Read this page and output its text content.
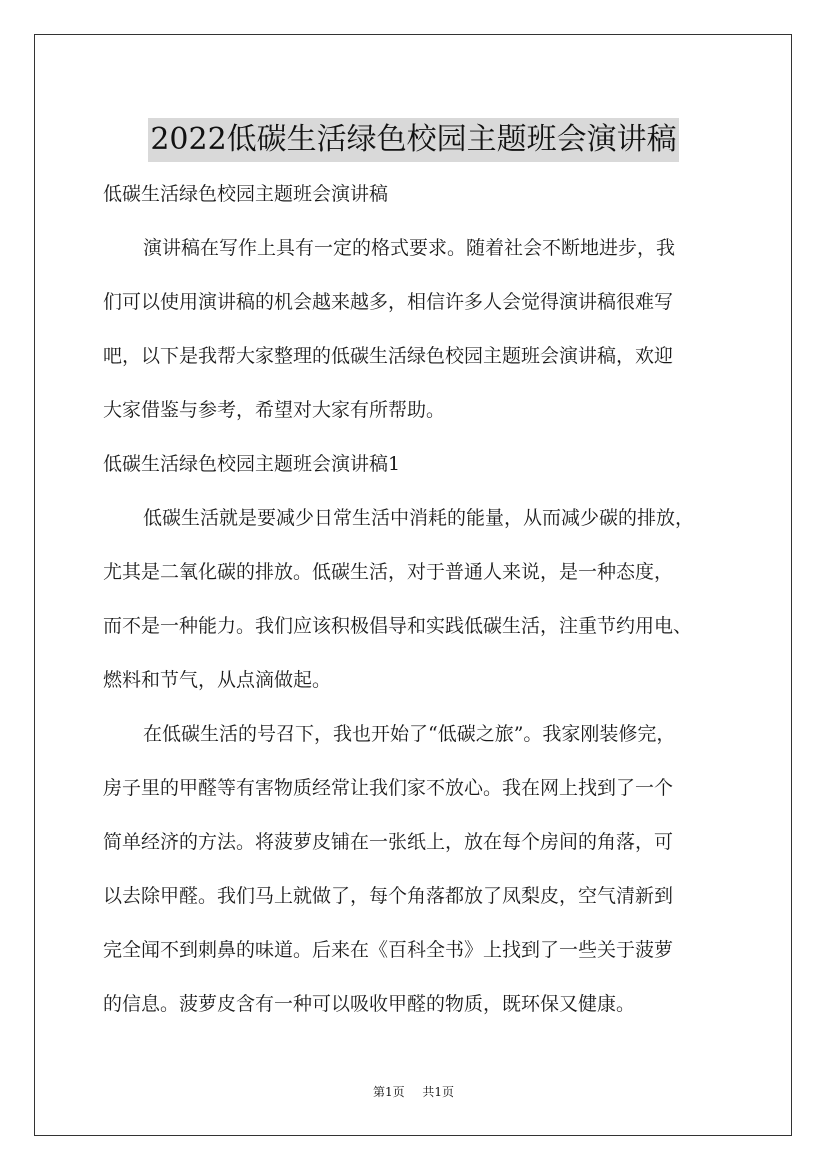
2022低碳生活绿色校园主题班会演讲稿
低碳生活绿色校园主题班会演讲稿
演讲稿在写作上具有一定的格式要求。随着社会不断地进步，我
们可以使用演讲稿的机会越来越多，相信许多人会觉得演讲稿很难写
吧，以下是我帮大家整理的低碳生活绿色校园主题班会演讲稿，欢迎
大家借鉴与参考，希望对大家有所帮助。
低碳生活绿色校园主题班会演讲稿1
低碳生活就是要减少日常生活中消耗的能量，从而减少碳的排放，
尤其是二氧化碳的排放。低碳生活，对于普通人来说，是一种态度，
而不是一种能力。我们应该积极倡导和实践低碳生活，注重节约用电、
燃料和节气，从点滴做起。
在低碳生活的号召下，我也开始了“低碳之旅”。我家刚装修完，
房子里的甲醛等有害物质经常让我们家不放心。我在网上找到了一个
简单经济的方法。将菠萝皮铺在一张纸上，放在每个房间的角落，可
以去除甲醛。我们马上就做了，每个角落都放了凤梨皮，空气清新到
完全闻不到刺鼻的味道。后来在《百科全书》上找到了一些关于菠萝
的信息。菠萝皮含有一种可以吸收甲醛的物质，既环保又健康。
第1页 共1页
